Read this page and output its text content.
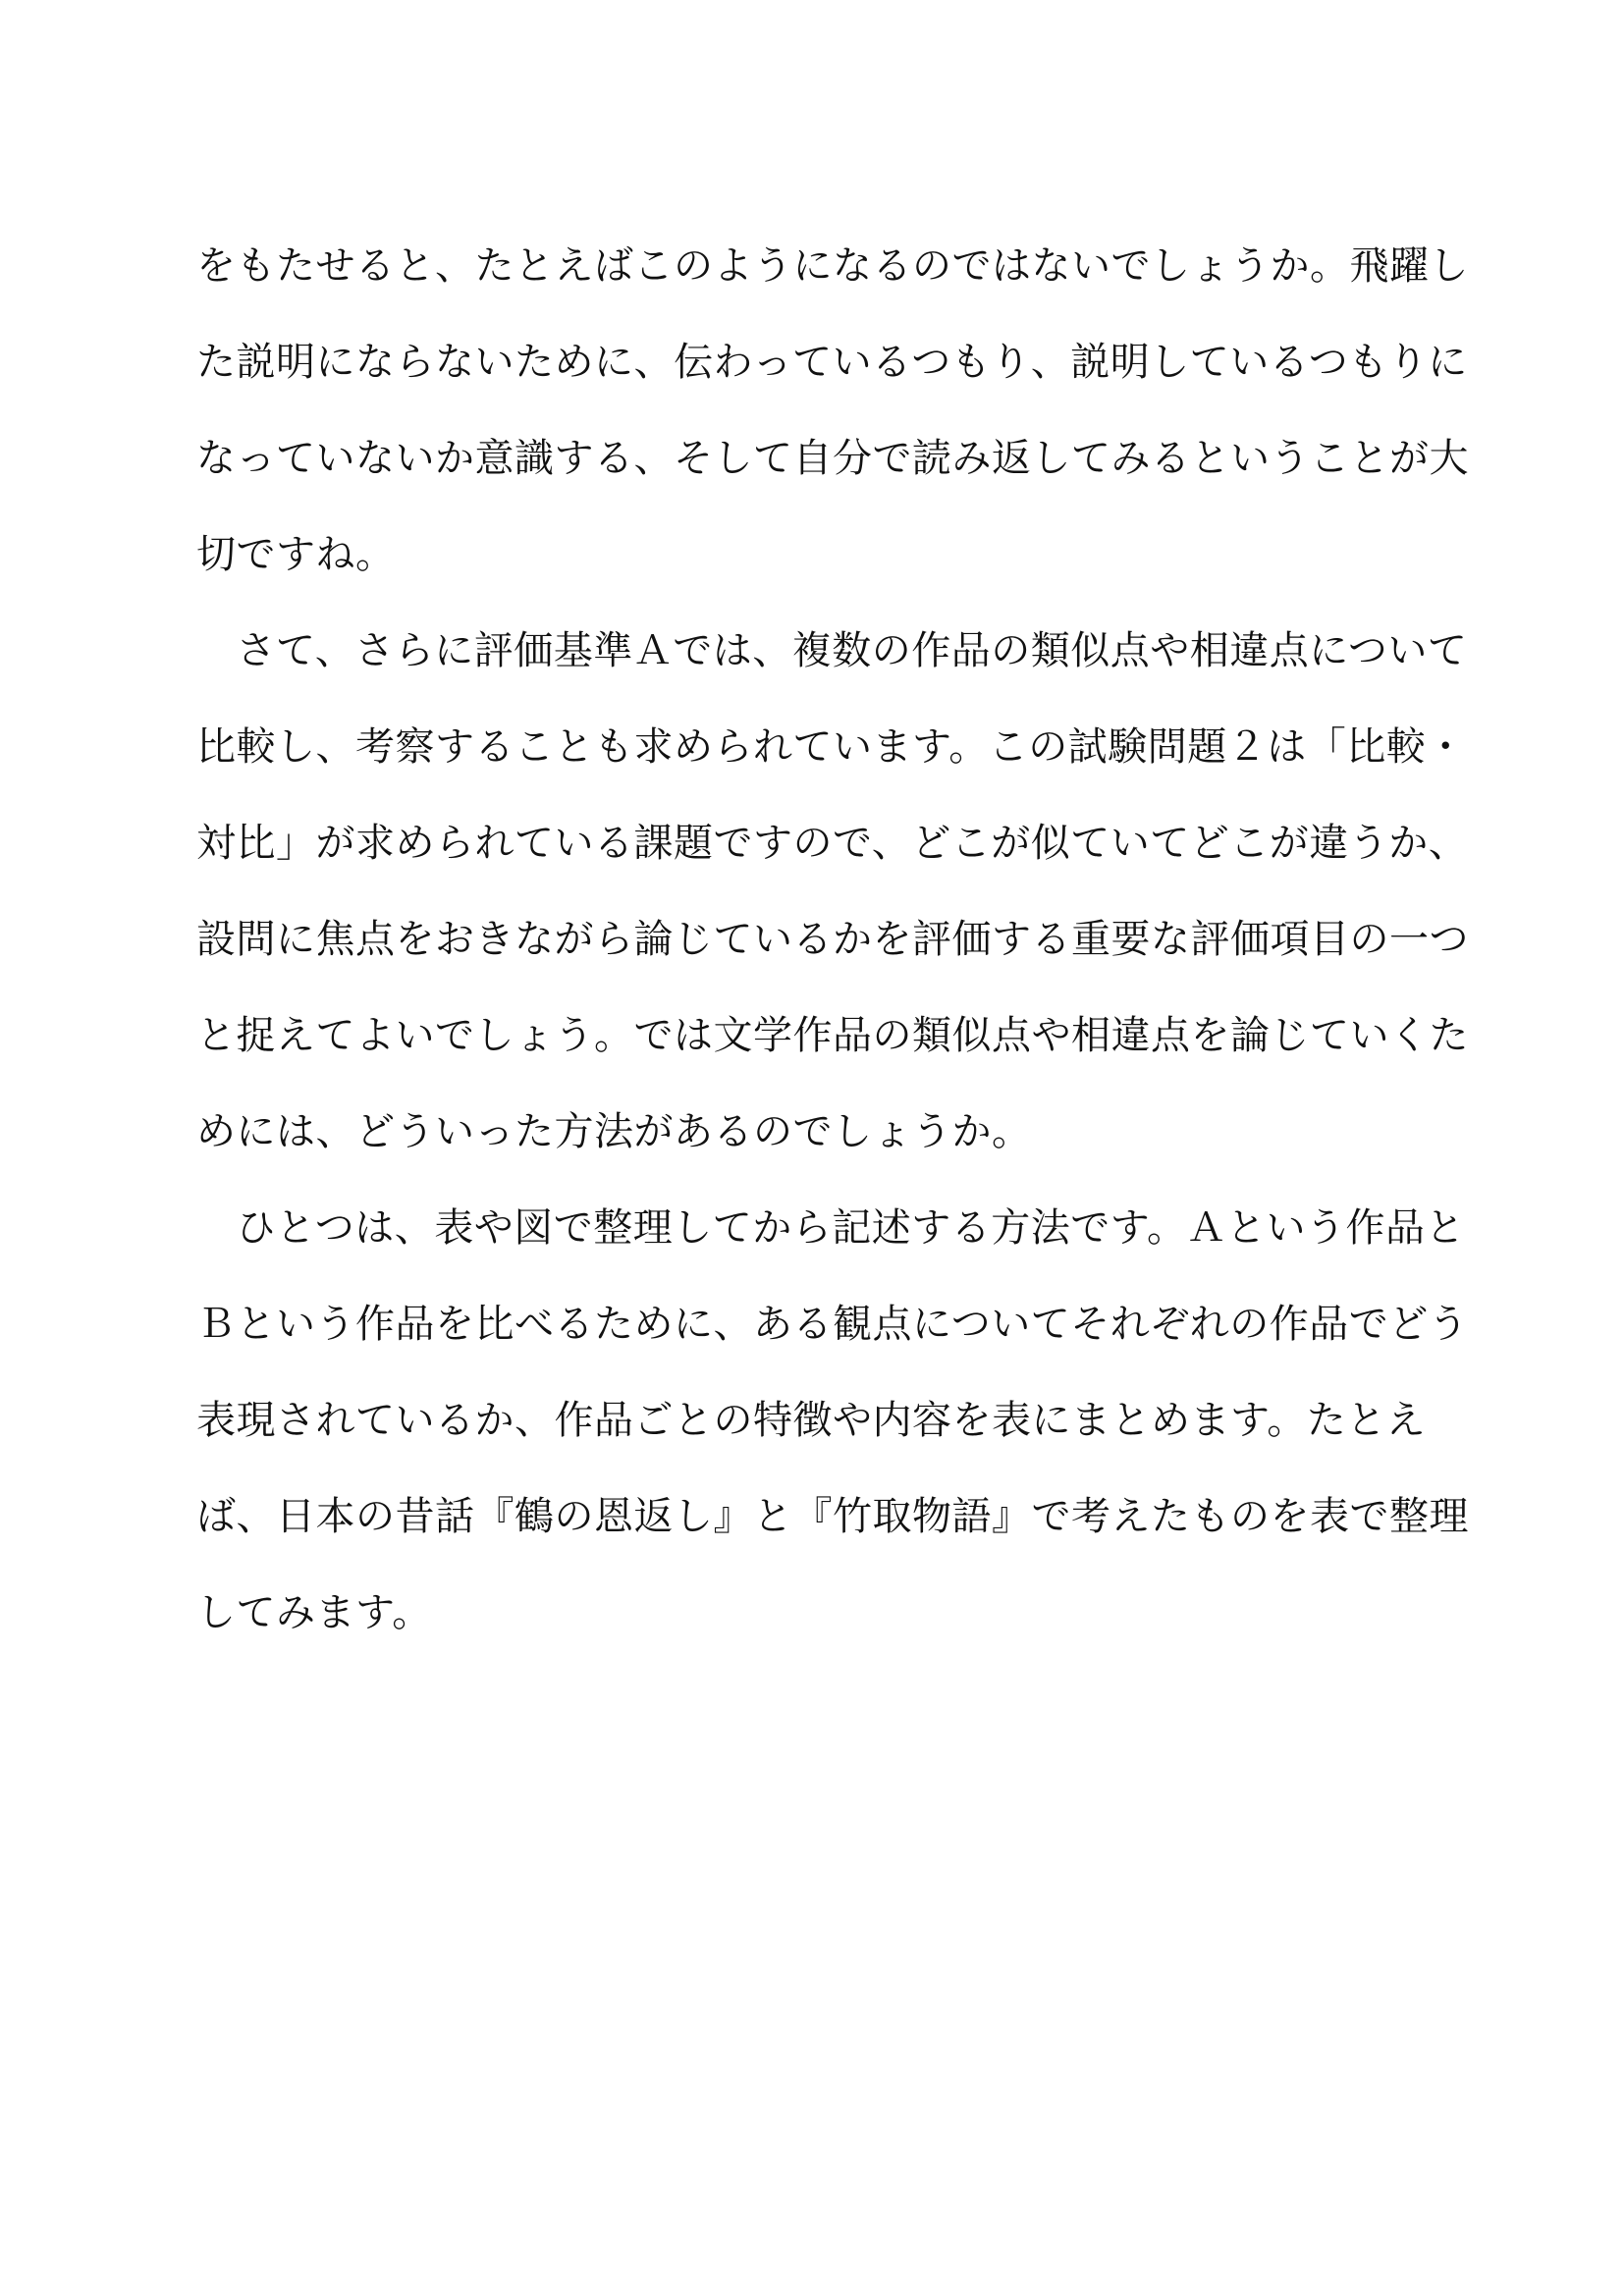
をもたせると、たとえばこのようになるのではないでしょうか。飛躍し
た説明にならないために、伝わっているつもり、説明しているつもりに
なっていないか意識する、そして自分で読み返してみるということが大
切ですね。
　さて、さらに評価基準Ａでは、複数の作品の類似点や相違点について
比較し、考察することも求められています。この試験問題２は「比較・
対比」が求められている課題ですので、どこが似ていてどこが違うか、
設問に焦点をおきながら論じているかを評価する重要な評価項目の一つ
と捉えてよいでしょう。では文学作品の類似点や相違点を論じていくた
めには、どういった方法があるのでしょうか。
　ひとつは、表や図で整理してから記述する方法です。Ａという作品と
Ｂという作品を比べるために、ある観点についてそれぞれの作品でどう
表現されているか、作品ごとの特徴や内容を表にまとめます。たとえ
ば、日本の昔話『鶴の恩返し』と『竹取物語』で考えたものを表で整理
してみます。
